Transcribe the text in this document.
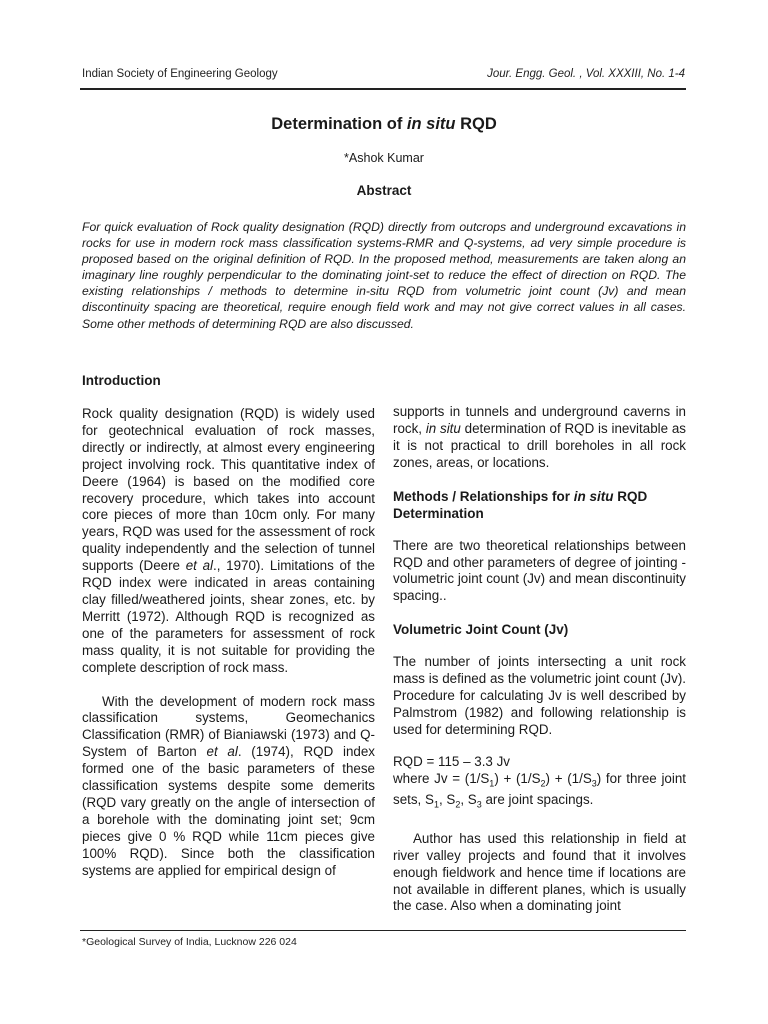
Indian Society of Engineering Geology	Jour. Engg. Geol. , Vol. XXXIII, No. 1-4
Determination of in situ RQD
*Ashok Kumar
Abstract

For quick evaluation of Rock quality designation (RQD) directly from outcrops and underground excavations in rocks for use in modern rock mass classification systems-RMR and Q-systems, ad very simple procedure is proposed based on the original definition of RQD. In the proposed method, measurements are taken along an imaginary line roughly perpendicular to the dominating joint-set to reduce the effect of direction on RQD. The existing relationships / methods to determine in-situ RQD from volumetric joint count (Jv) and mean discontinuity spacing are theoretical, require enough field work and may not give correct values in all cases. Some other methods of determining RQD are also discussed.

Introduction

Rock quality designation (RQD) is widely used for geotechnical evaluation of rock masses, directly or indirectly, at almost every engineering project involving rock. This quantitative index of Deere (1964) is based on the modified core recovery procedure, which takes into account core pieces of more than 10cm only. For many years, RQD was used for the assessment of rock quality independently and the selection of tunnel supports (Deere et al., 1970). Limitations of the RQD index were indicated in areas containing clay filled/weathered joints, shear zones, etc. by Merritt (1972). Although RQD is recognized as one of the parameters for assessment of rock mass quality, it is not suitable for providing the complete description of rock mass.

With the development of modern rock mass classification systems, Geomechanics Classification (RMR) of Bianiawski (1973) and Q-System of Barton et al. (1974), RQD index formed one of the basic parameters of these classification systems despite some demerits (RQD vary greatly on the angle of intersection of a borehole with the dominating joint set; 9cm pieces give 0 % RQD while 11cm pieces give 100% RQD). Since both the classification systems are applied for empirical design of

supports in tunnels and underground caverns in rock, in situ determination of RQD is inevitable as it is not practical to drill boreholes in all rock zones, areas, or locations.

Methods / Relationships for in situ RQD Determination

There are two theoretical relationships between RQD and other parameters of degree of jointing - volumetric joint count (Jv) and mean discontinuity spacing..

Volumetric Joint Count (Jv)

The number of joints intersecting a unit rock mass is defined as the volumetric joint count (Jv). Procedure for calculating Jv is well described by Palmstrom (1982) and following relationship is used for determining RQD.

RQD = 115 – 3.3 Jv

where $Jv = (1/S_1) + (1/S_2) + (1/S_3)$ for three joint sets, $S_1$, $S_2$, $S_3$ are joint spacings.

Author has used this relationship in field at river valley projects and found that it involves enough fieldwork and hence time if locations are not available in different planes, which is usually the case. Also when a dominating joint

*Geological Survey of India, Lucknow 226 024
